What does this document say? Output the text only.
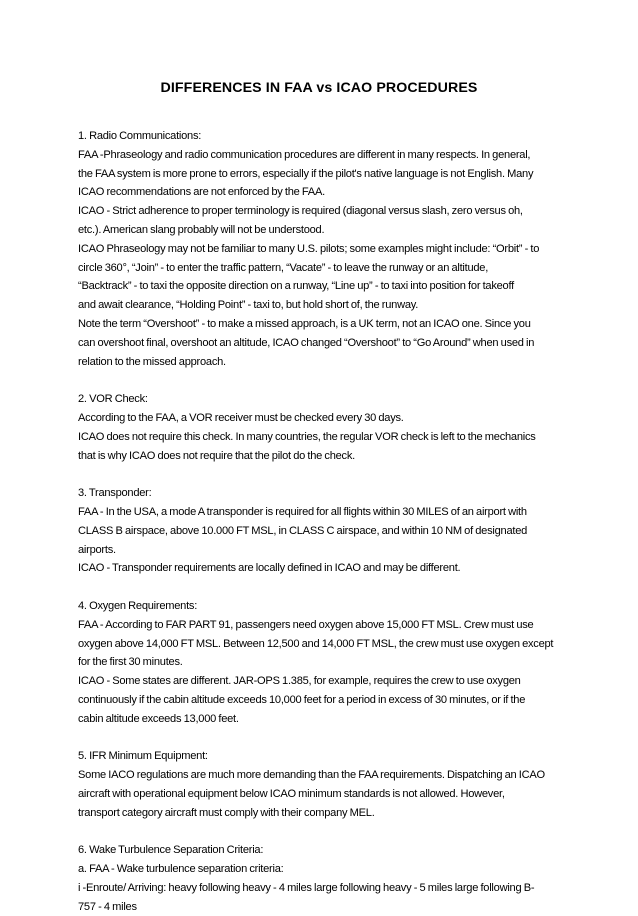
DIFFERENCES IN FAA vs ICAO PROCEDURES
1. Radio Communications:
FAA -Phraseology and radio communication procedures are different in many respects. In general,
the FAA system is more prone to errors, especially if the pilot's native language is not English. Many
ICAO recommendations are not enforced by the FAA.
ICAO - Strict adherence to proper terminology is required (diagonal versus slash, zero versus oh,
etc.). American slang probably will not be understood.
ICAO Phraseology may not be familiar to many U.S. pilots; some examples might include: “Orbit” - to
circle 360°, “Join” - to enter the traffic pattern, “Vacate” - to leave the runway or an altitude,
“Backtrack” - to taxi the opposite direction on a runway, “Line up” - to taxi into position for takeoff
and await clearance, “Holding Point” - taxi to, but hold short of, the runway.
Note the term “Overshoot” - to make a missed approach, is a UK term, not an ICAO one. Since you
can overshoot final, overshoot an altitude, ICAO changed “Overshoot” to “Go Around” when used in
relation to the missed approach.
2. VOR Check:
According to the FAA, a VOR receiver must be checked every 30 days.
ICAO does not require this check. In many countries, the regular VOR check is left to the mechanics
that is why ICAO does not require that the pilot do the check.
3. Transponder:
FAA - In the USA, a mode A transponder is required for all flights within 30 MILES of an airport with
CLASS B airspace, above 10.000 FT MSL, in CLASS C airspace, and within 10 NM of designated
airports.
ICAO - Transponder requirements are locally defined in ICAO and may be different.
4. Oxygen Requirements:
FAA - According to FAR PART 91, passengers need oxygen above 15,000 FT MSL. Crew must use
oxygen above 14,000 FT MSL. Between 12,500 and 14,000 FT MSL, the crew must use oxygen except
for the first 30 minutes.
ICAO - Some states are different. JAR-OPS 1.385, for example, requires the crew to use oxygen
continuously if the cabin altitude exceeds 10,000 feet for a period in excess of 30 minutes, or if the
cabin altitude exceeds 13,000 feet.
5. IFR Minimum Equipment:
Some IACO regulations are much more demanding than the FAA requirements. Dispatching an ICAO
aircraft with operational equipment below ICAO minimum standards is not allowed. However,
transport category aircraft must comply with their company MEL.
6. Wake Turbulence Separation Criteria:
a. FAA - Wake turbulence separation criteria:
i -Enroute/ Arriving: heavy following heavy - 4 miles large following heavy - 5 miles large following B-
757 - 4 miles
